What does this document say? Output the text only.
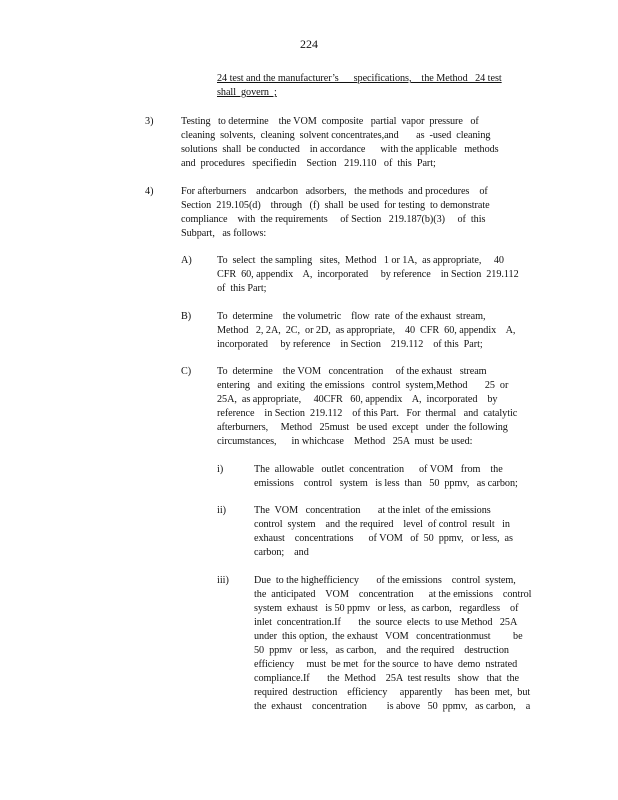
224
24 test and the manufacturer’s      specifications,    the Method   24 test
shall  govern  ;
3)	Testing   to determine    the VOM  composite   partial  vapor  pressure   of
cleaning  solvents,  cleaning  solvent concentrates,and       as  -used  cleaning
solutions  shall  be conducted    in accordance      with the applicable   methods
and  procedures   specifiedin    Section   219.110   of  this  Part;
4)	For afterburners    andcarbon   adsorbers,   the methods  and procedures    of
Section  219.105(d)    through   (f)  shall  be used  for testing  to demonstrate
compliance    with  the requirements     of Section   219.187(b)(3)     of  this
Subpart,   as follows:
A) To  select  the sampling   sites,  Method   1 or 1A,  as appropriate,     40
CFR  60, appendix    A,  incorporated     by reference    in Section  219.112
of  this Part;
B)	To  determine    the volumetric    flow  rate  of the exhaust  stream,
Method   2, 2A,  2C,  or 2D,  as appropriate,    40  CFR  60, appendix    A,
incorporated     by reference    in Section    219.112    of this  Part;
C)	To  determine    the VOM   concentration     of the exhaust   stream
entering   and  exiting  the emissions   control  system,Method       25  or
25A,  as appropriate,     40CFR   60, appendix    A,  incorporated    by
reference    in Section  219.112    of this Part.   For  thermal   and  catalytic
afterburners,     Method   25must   be used  except   under  the following
circumstances,      in whichcase    Method   25A  must  be used:
i)	The  allowable   outlet  concentration      of VOM   from    the
emissions    control   system   is less  than   50  ppmv,   as carbon;
ii)	The  VOM   concentration       at the inlet  of the emissions
control  system    and  the required    level  of control  result   in
exhaust    concentrations      of VOM   of  50  ppmv,   or less,  as
carbon;    and
iii) Due  to the highefficiency       of the emissions    control  system,
the  anticipated    VOM    concentration      at the emissions    control
system  exhaust   is 50 ppmv   or less,  as carbon,   regardless    of
inlet  concentration.If       the  source  elects  to use Method   25A
under  this option,  the exhaust   VOM   concentrationmust         be
50  ppmv   or less,   as carbon,    and  the required    destruction
efficiency     must  be met  for the source  to have  demo  nstrated
compliance.If       the  Method    25A  test results   show   that  the
required  destruction    efficiency     apparently     has been  met,  but
the  exhaust    concentration        is above   50  ppmv,   as carbon,    a
